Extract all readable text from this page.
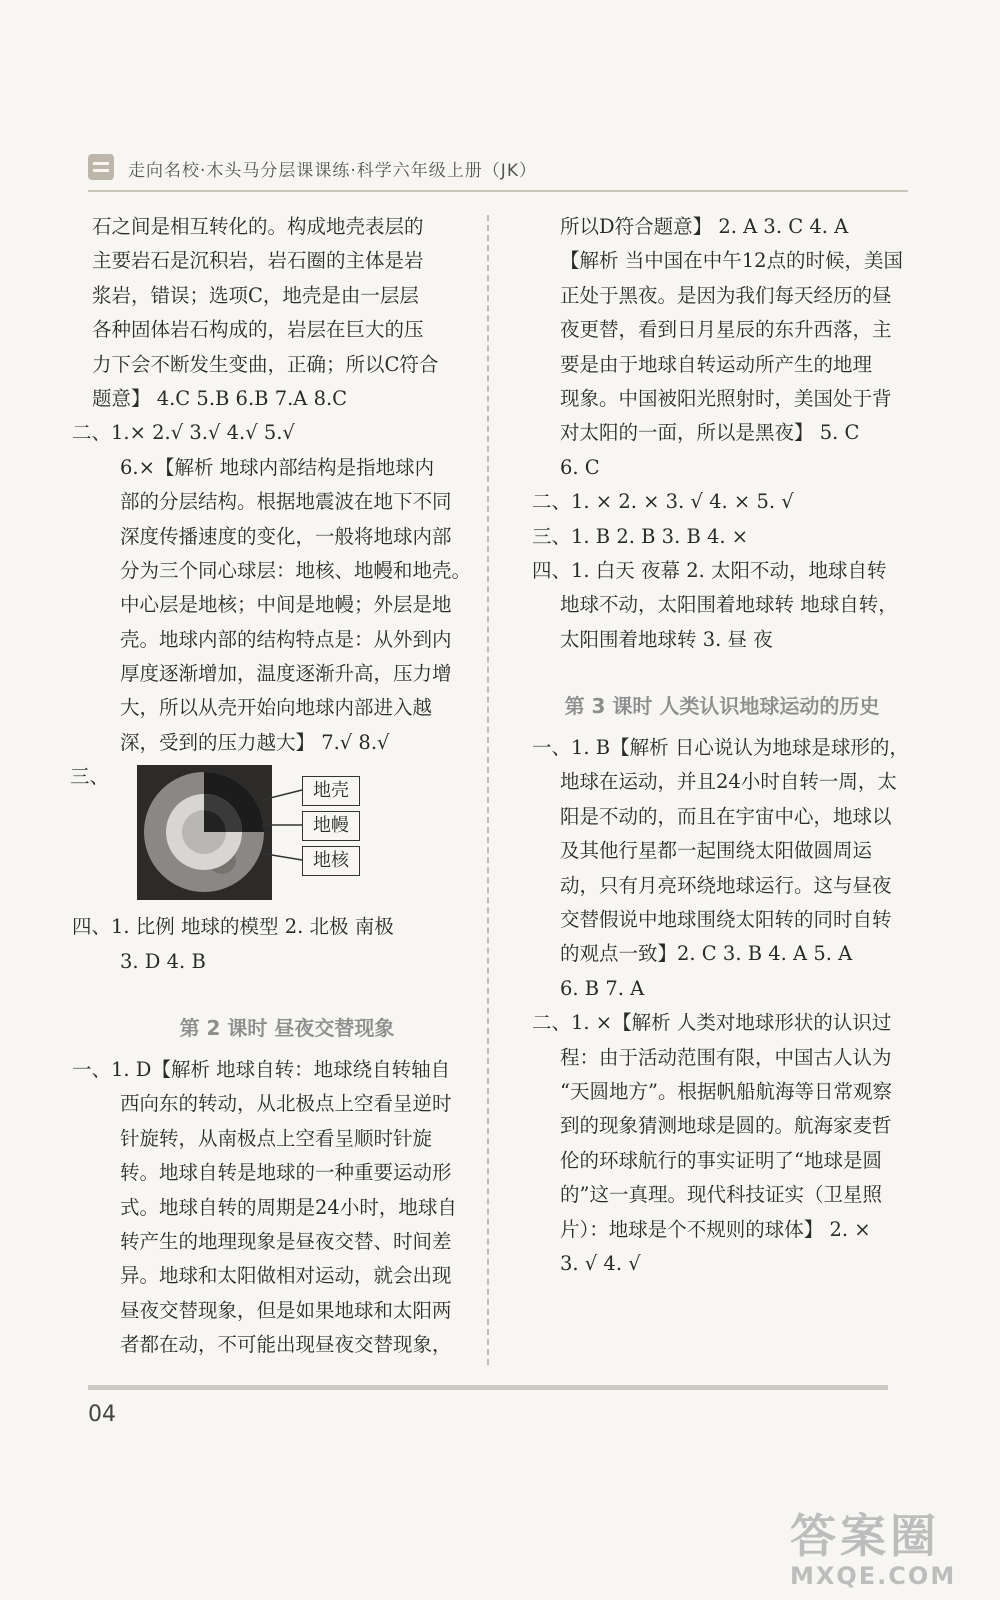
走向名校·木头马分层课课练·科学六年级上册（JK）
石之间是相互转化的。构成地壳表层的
主要岩石是沉积岩，岩石圈的主体是岩
浆岩，错误；选项C，地壳是由一层层
各种固体岩石构成的，岩层在巨大的压
力下会不断发生变曲，正确；所以C符合
题意】 4.C 5.B 6.B 7.A 8.C
二、1.× 2.√ 3.√ 4.√ 5.√
6.×【解析 地球内部结构是指地球内
部的分层结构。根据地震波在地下不同
深度传播速度的变化，一般将地球内部
分为三个同心球层：地核、地幔和地壳。
中心层是地核；中间是地幔；外层是地
壳。地球内部的结构特点是：从外到内
厚度逐渐增加，温度逐渐升高，压力增
大，所以从壳开始向地球内部进入越
深，受到的压力越大】 7.√ 8.√
三、
地壳
地幔
地核
四、1. 比例 地球的模型 2. 北极 南极
3. D 4. B
第 2 课时 昼夜交替现象
一、1. D【解析 地球自转：地球绕自转轴自
西向东的转动，从北极点上空看呈逆时
针旋转，从南极点上空看呈顺时针旋
转。地球自转是地球的一种重要运动形
式。地球自转的周期是24小时，地球自
转产生的地理现象是昼夜交替、时间差
异。地球和太阳做相对运动，就会出现
昼夜交替现象，但是如果地球和太阳两
者都在动，不可能出现昼夜交替现象，
所以D符合题意】 2. A 3. C 4. A
【解析 当中国在中午12点的时候，美国
正处于黑夜。是因为我们每天经历的昼
夜更替，看到日月星辰的东升西落，主
要是由于地球自转运动所产生的地理
现象。中国被阳光照射时，美国处于背
对太阳的一面，所以是黑夜】 5. C
6. C
二、1. × 2. × 3. √ 4. × 5. √
三、1. B 2. B 3. B 4. ×
四、1. 白天 夜幕 2. 太阳不动，地球自转
地球不动，太阳围着地球转 地球自转，
太阳围着地球转 3. 昼 夜
第 3 课时 人类认识地球运动的历史
一、1. B【解析 日心说认为地球是球形的，
地球在运动，并且24小时自转一周，太
阳是不动的，而且在宇宙中心，地球以
及其他行星都一起围绕太阳做圆周运
动，只有月亮环绕地球运行。这与昼夜
交替假说中地球围绕太阳转的同时自转
的观点一致】2. C 3. B 4. A 5. A
6. B 7. A
二、1. ×【解析 人类对地球形状的认识过
程：由于活动范围有限，中国古人认为
“天圆地方”。根据帆船航海等日常观察
到的现象猜测地球是圆的。航海家麦哲
伦的环球航行的事实证明了“地球是圆
的”这一真理。现代科技证实（卫星照
片）：地球是个不规则的球体】 2. ×
3. √ 4. √
04
答案圈
MXQE.COM
